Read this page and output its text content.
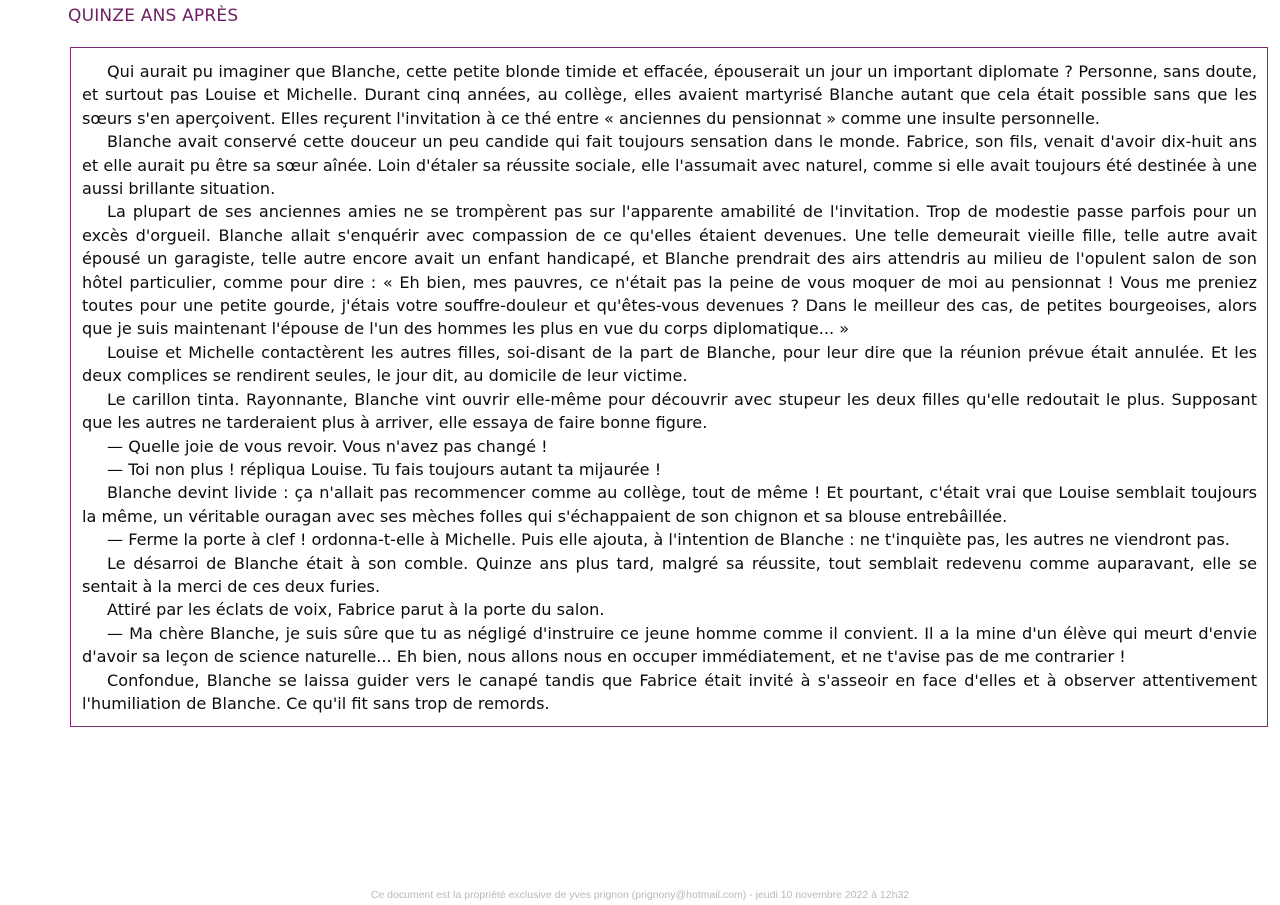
QUINZE ANS APRÈS

Qui aurait pu imaginer que Blanche, cette petite blonde timide et effacée, épouserait un jour un important diplomate ? Personne, sans doute, et surtout pas Louise et Michelle. Durant cinq années, au collège, elles avaient martyrisé Blanche autant que cela était possible sans que les sœurs s'en aperçoivent. Elles reçurent l'invitation à ce thé entre « anciennes du pensionnat » comme une insulte personnelle.

Blanche avait conservé cette douceur un peu candide qui fait toujours sensation dans le monde. Fabrice, son fils, venait d'avoir dix-huit ans et elle aurait pu être sa sœur aînée. Loin d'étaler sa réussite sociale, elle l'assumait avec naturel, comme si elle avait toujours été destinée à une aussi brillante situation.

La plupart de ses anciennes amies ne se trompèrent pas sur l'apparente amabilité de l'invitation. Trop de modestie passe parfois pour un excès d'orgueil. Blanche allait s'enquérir avec compassion de ce qu'elles étaient devenues. Une telle demeurait vieille fille, telle autre avait épousé un garagiste, telle autre encore avait un enfant handicapé, et Blanche prendrait des airs attendris au milieu de l'opulent salon de son hôtel particulier, comme pour dire : « Eh bien, mes pauvres, ce n'était pas la peine de vous moquer de moi au pensionnat ! Vous me preniez toutes pour une petite gourde, j'étais votre souffre-douleur et qu'êtes-vous devenues ? Dans le meilleur des cas, de petites bourgeoises, alors que je suis maintenant l'épouse de l'un des hommes les plus en vue du corps diplomatique... »

Louise et Michelle contactèrent les autres filles, soi-disant de la part de Blanche, pour leur dire que la réunion prévue était annulée. Et les deux complices se rendirent seules, le jour dit, au domicile de leur victime.

Le carillon tinta. Rayonnante, Blanche vint ouvrir elle-même pour découvrir avec stupeur les deux filles qu'elle redoutait le plus. Supposant que les autres ne tarderaient plus à arriver, elle essaya de faire bonne figure.

— Quelle joie de vous revoir. Vous n'avez pas changé !

— Toi non plus ! répliqua Louise. Tu fais toujours autant ta mijaurée !

Blanche devint livide : ça n'allait pas recommencer comme au collège, tout de même ! Et pourtant, c'était vrai que Louise semblait toujours la même, un véritable ouragan avec ses mèches folles qui s'échappaient de son chignon et sa blouse entrebâillée.

— Ferme la porte à clef ! ordonna-t-elle à Michelle. Puis elle ajouta, à l'intention de Blanche : ne t'inquiète pas, les autres ne viendront pas.

Le désarroi de Blanche était à son comble. Quinze ans plus tard, malgré sa réussite, tout semblait redevenu comme auparavant, elle se sentait à la merci de ces deux furies.

Attiré par les éclats de voix, Fabrice parut à la porte du salon.

— Ma chère Blanche, je suis sûre que tu as négligé d'instruire ce jeune homme comme il convient. Il a la mine d'un élève qui meurt d'envie d'avoir sa leçon de science naturelle... Eh bien, nous allons nous en occuper immédiatement, et ne t'avise pas de me contrarier !

Confondue, Blanche se laissa guider vers le canapé tandis que Fabrice était invité à s'asseoir en face d'elles et à observer attentivement l'humiliation de Blanche. Ce qu'il fit sans trop de remords.

Ce document est la propriété exclusive de yves prignon (prignony@hotmail.com) - jeudi 10 novembre 2022 à 12h32
